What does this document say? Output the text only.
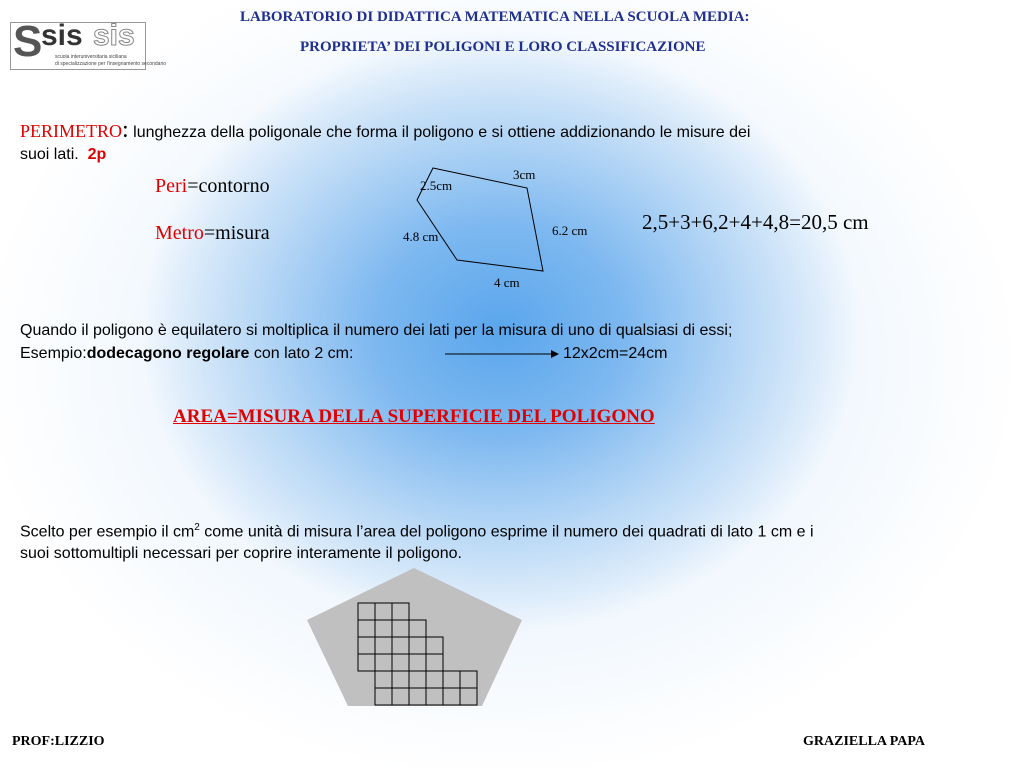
LABORATORIO DI DIDATTICA MATEMATICA NELLA SCUOLA MEDIA:
PROPRIETA’ DEI POLIGONI E LORO CLASSIFICAZIONE
S
sis sis
scuola interuniversitaria siciliana
di specializzazione per l'insegnamento secondario
PERIMETRO: lunghezza della poligonale che forma il poligono e si ottiene addizionando le misure dei
suoi lati. 2p
Peri=contorno
Metro=misura
3cm
2.5cm
6.2 cm
4.8 cm
4 cm
2,5+3+6,2+4+4,8=20,5 cm
Quando il poligono è equilatero si moltiplica il numero dei lati per la misura di uno di qualsiasi di essi;
Esempio:dodecagono regolare con lato 2 cm:	12x2cm=24cm
AREA=MISURA DELLA SUPERFICIE DEL POLIGONO
Scelto per esempio il $cm^2$ come unità di misura l’area del poligono esprime il numero dei quadrati di lato 1 cm e i
suoi sottomultipli necessari per coprire interamente il poligono.
PROF:LIZZIO	GRAZIELLA PAPA
